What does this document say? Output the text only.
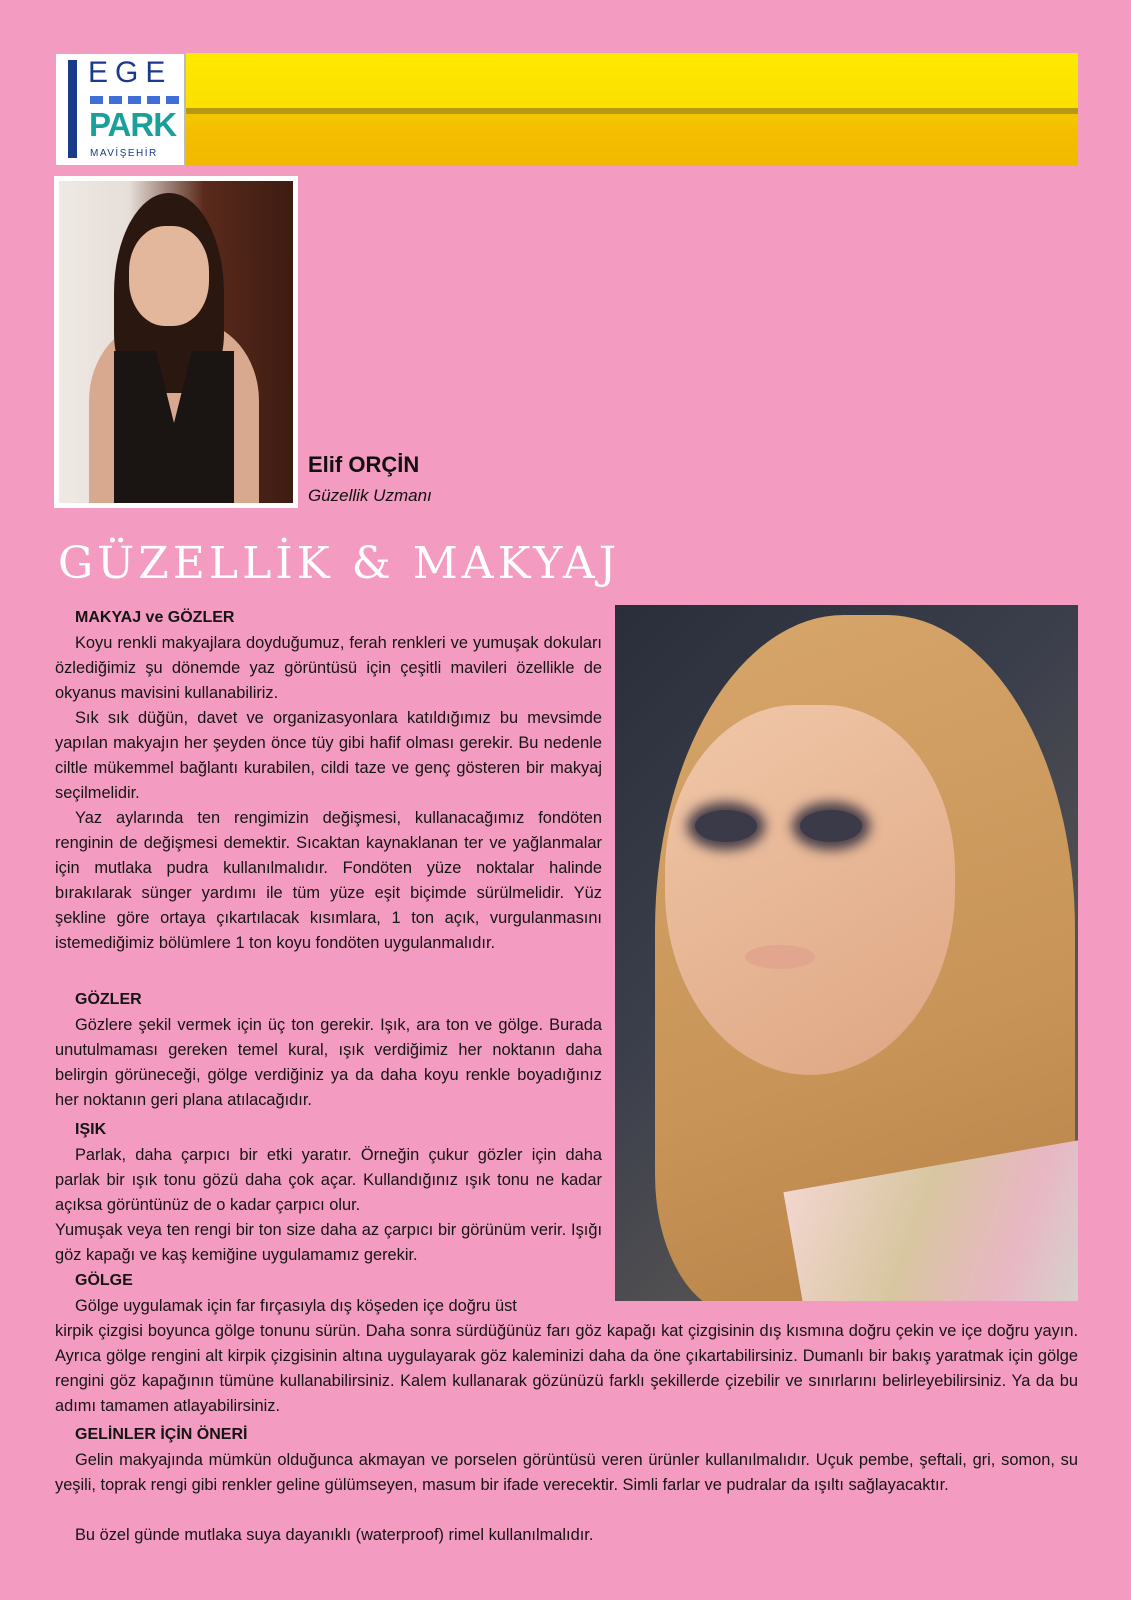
EGE
PARK
MAVİŞEHİR

Elif ORÇİN

Güzellik Uzmanı

GÜZELLİK & MAKYAJ
MAKYAJ ve GÖZLER

Koyu renkli makyajlara doyduğumuz, ferah renkleri ve yumuşak dokuları özlediğimiz şu dönemde yaz görüntüsü için çeşitli mavileri özellikle de okyanus mavisini kullanabiliriz.

Sık sık düğün, davet ve organizasyonlara katıldığımız bu mevsimde yapılan makyajın her şeyden önce tüy gibi hafif olması gerekir. Bu nedenle ciltle mükemmel bağlantı kurabilen, cildi taze ve genç gösteren bir makyaj seçilmelidir.

Yaz aylarında ten rengimizin değişmesi, kullanacağımız fondöten renginin de değişmesi demektir. Sıcaktan kaynaklanan ter ve yağlanmalar için mutlaka pudra kullanılmalıdır. Fondöten yüze noktalar halinde bırakılarak sünger yardımı ile tüm yüze eşit biçimde sürülmelidir. Yüz şekline göre ortaya çıkartılacak kısımlara, 1 ton açık, vurgulanmasını istemediğimiz bölümlere 1 ton koyu fondöten uygulanmalıdır.

GÖZLER

Gözlere şekil vermek için üç ton gerekir. Işık, ara ton ve gölge. Burada unutulmaması gereken temel kural, ışık verdiğimiz her noktanın daha belirgin görüneceği, gölge verdiğiniz ya da daha koyu renkle boyadığınız her noktanın geri plana atılacağıdır.

IŞIK

Parlak, daha çarpıcı bir etki yaratır. Örneğin çukur gözler için daha parlak bir ışık tonu gözü daha çok açar. Kullandığınız ışık tonu ne kadar açıksa görüntünüz de o kadar çarpıcı olur.

Yumuşak veya ten rengi bir ton size daha az çarpıcı bir görünüm verir. Işığı göz kapağı ve kaş kemiğine uygulamamız gerekir.

GÖLGE

Gölge uygulamak için far fırçasıyla dış köşeden içe doğru üst

kirpik çizgisi boyunca gölge tonunu sürün. Daha sonra sürdüğünüz farı göz kapağı kat çizgisinin dış kısmına doğru çekin ve içe doğru yayın. Ayrıca gölge rengini alt kirpik çizgisinin altına uygulayarak göz kaleminizi daha da öne çıkartabilirsiniz. Dumanlı bir bakış yaratmak için gölge rengini göz kapağının tümüne kullanabilirsiniz. Kalem kullanarak gözünüzü farklı şekillerde çizebilir ve sınırlarını belirleyebilirsiniz. Ya da bu adımı tamamen atlayabilirsiniz.

GELİNLER İÇİN ÖNERİ

Gelin makyajında mümkün olduğunca akmayan ve porselen görüntüsü veren ürünler kullanılmalıdır. Uçuk pembe, şeftali, gri, somon, su yeşili, toprak rengi gibi renkler geline gülümseyen, masum bir ifade verecektir. Simli farlar ve pudralar da ışıltı sağlayacaktır.

Bu özel günde mutlaka suya dayanıklı (waterproof) rimel kullanılmalıdır.
